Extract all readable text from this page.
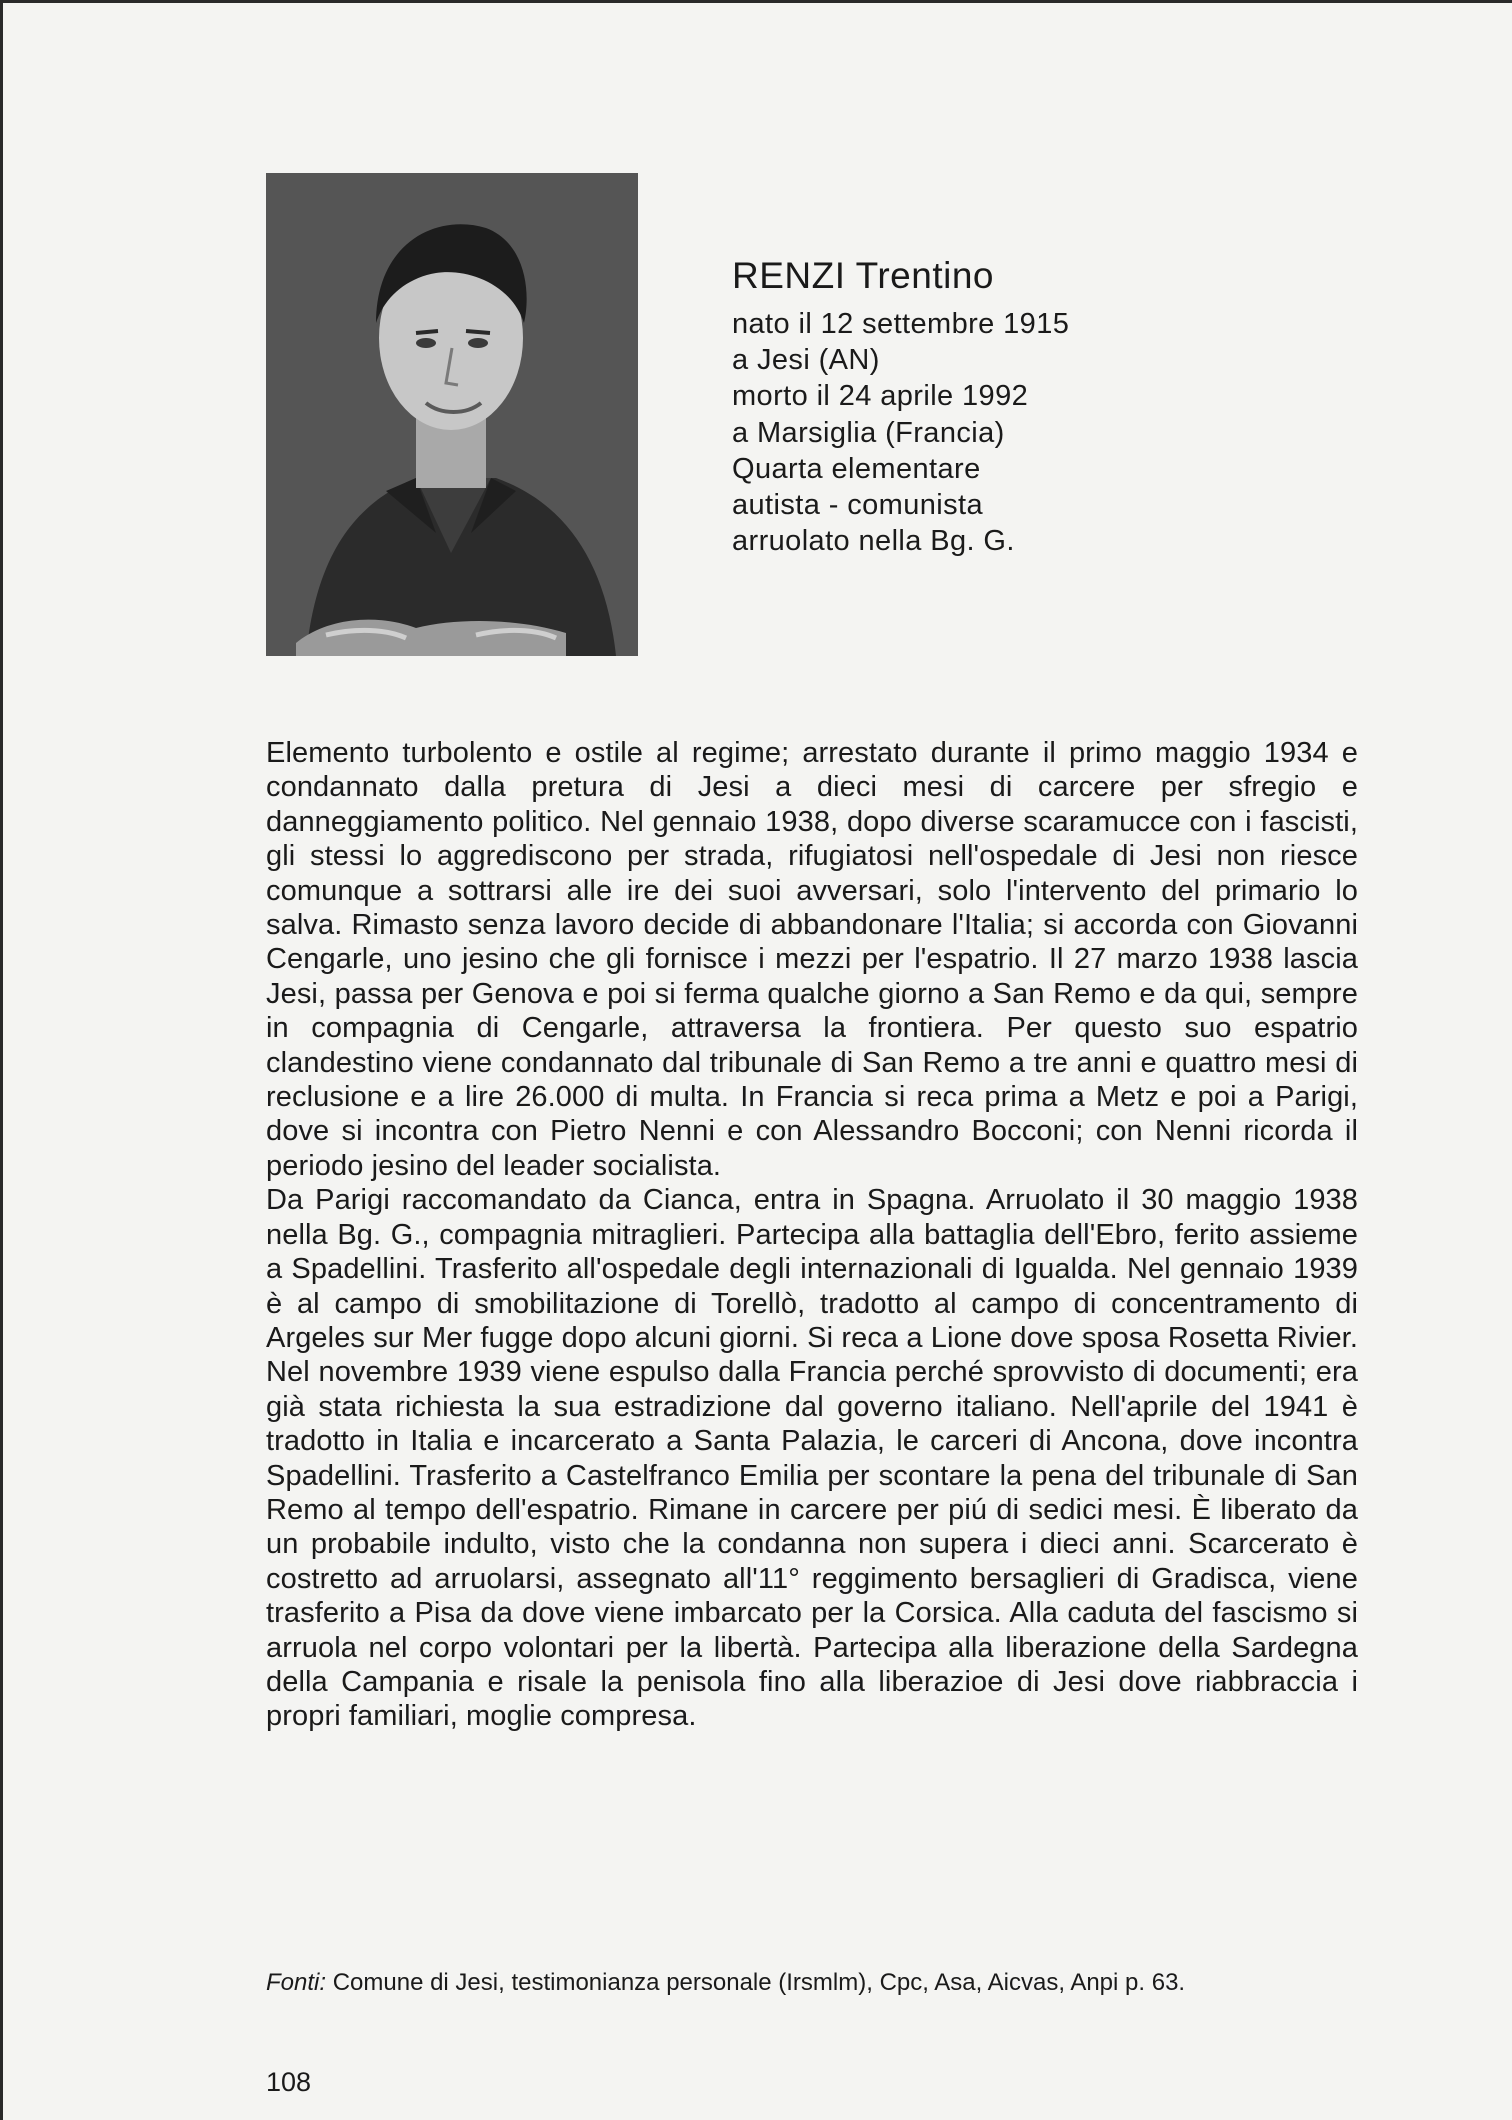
RENZI Trentino
nato il 12 settembre 1915
a Jesi (AN)
morto il 24 aprile 1992
a Marsiglia (Francia)
Quarta elementare
autista - comunista
arruolato nella Bg. G.

Elemento turbolento e ostile al regime; arrestato durante il primo maggio 1934 e condannato dalla pretura di Jesi a dieci mesi di carcere per sfregio e danneggiamento politico. Nel gennaio 1938, dopo diverse scaramucce con i fascisti, gli stessi lo aggrediscono per strada, rifugiatosi nell'ospedale di Jesi non riesce comunque a sottrarsi alle ire dei suoi avversari, solo l'intervento del primario lo salva. Rimasto senza lavoro decide di abbandonare l'Italia; si accorda con Giovanni Cengarle, uno jesino che gli fornisce i mezzi per l'espatrio. Il 27 marzo 1938 lascia Jesi, passa per Genova e poi si ferma qualche giorno a San Remo e da qui, sempre in compagnia di Cengarle, attraversa la frontiera. Per questo suo espatrio clandestino viene condannato dal tribunale di San Remo a tre anni e quattro mesi di reclusione e a lire 26.000 di multa. In Francia si reca prima a Metz e poi a Parigi, dove si incontra con Pietro Nenni e con Alessandro Bocconi; con Nenni ricorda il periodo jesino del leader socialista.

Da Parigi raccomandato da Cianca, entra in Spagna. Arruolato il 30 maggio 1938 nella Bg. G., compagnia mitraglieri. Partecipa alla battaglia dell'Ebro, ferito assieme a Spadellini. Trasferito all'ospedale degli internazionali di Igualda. Nel gennaio 1939 è al campo di smobilitazione di Torellò, tradotto al campo di concentramento di Argeles sur Mer fugge dopo alcuni giorni. Si reca a Lione dove sposa Rosetta Rivier. Nel novembre 1939 viene espulso dalla Francia perché sprovvisto di documenti; era già stata richiesta la sua estradizione dal governo italiano. Nell'aprile del 1941 è tradotto in Italia e incarcerato a Santa Palazia, le carceri di Ancona, dove incontra Spadellini. Trasferito a Castelfranco Emilia per scontare la pena del tribunale di San Remo al tempo dell'espatrio. Rimane in carcere per piú di sedici mesi. È liberato da un probabile indulto, visto che la condanna non supera i dieci anni. Scarcerato è costretto ad arruolarsi, assegnato all'11° reggimento bersaglieri di Gradisca, viene trasferito a Pisa da dove viene imbarcato per la Corsica. Alla caduta del fascismo si arruola nel corpo volontari per la libertà. Partecipa alla liberazione della Sardegna della Campania e risale la penisola fino alla liberazioe di Jesi dove riabbraccia i propri familiari, moglie compresa.

Fonti: Comune di Jesi, testimonianza personale (Irsmlm), Cpc, Asa, Aicvas, Anpi p. 63.
108
